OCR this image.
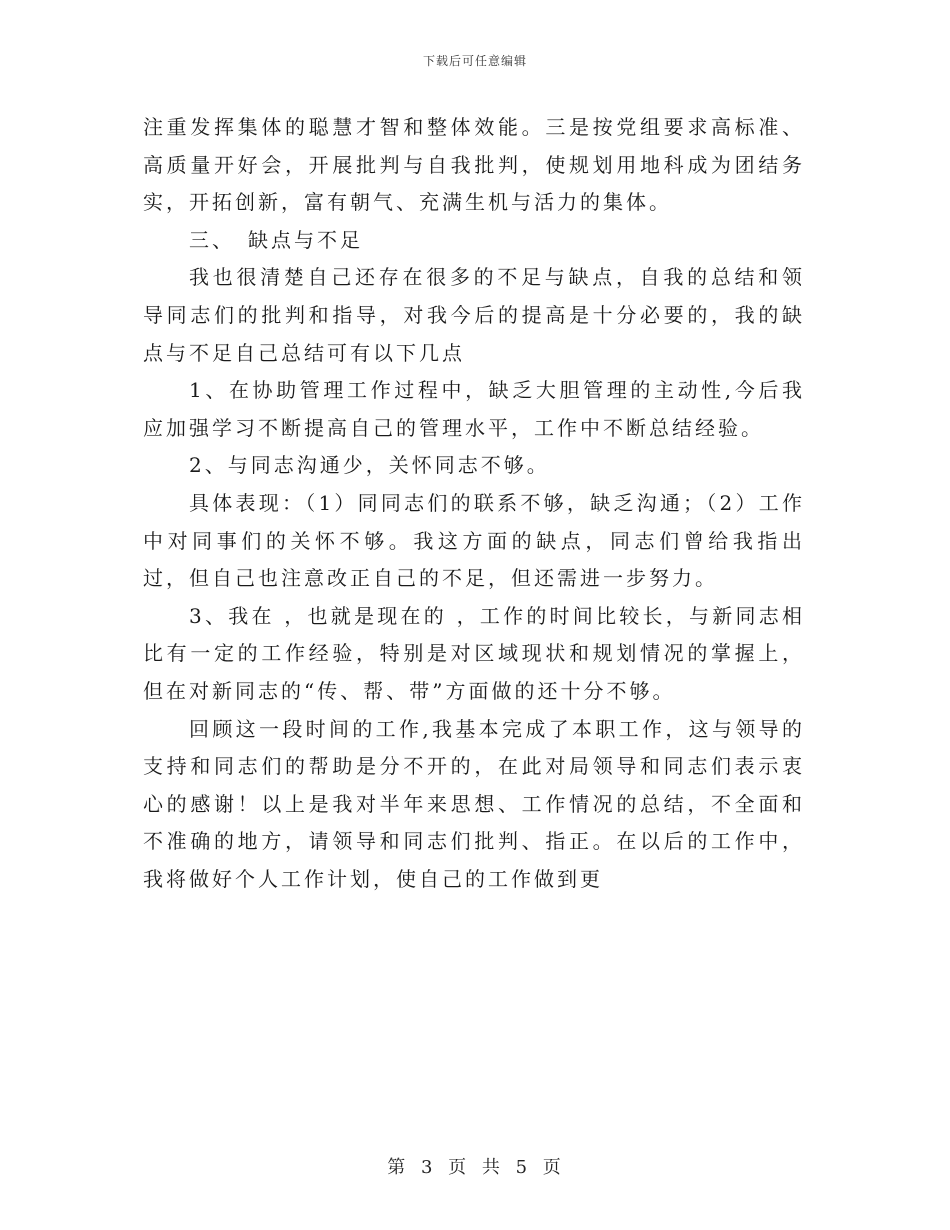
下载后可任意编辑

注重发挥集体的聪慧才智和整体效能。三是按党组要求高标准、高质量开好会，开展批判与自我批判，使规划用地科成为团结务实，开拓创新，富有朝气、充满生机与活力的集体。

三、　缺点与不足

我也很清楚自己还存在很多的不足与缺点，自我的总结和领导同志们的批判和指导，对我今后的提高是十分必要的，我的缺点与不足自己总结可有以下几点

1、在协助管理工作过程中，缺乏大胆管理的主动性,今后我应加强学习不断提高自己的管理水平，工作中不断总结经验。

2、与同志沟通少，关怀同志不够。

具体表现：（1）同同志们的联系不够，缺乏沟通；（2）工作中对同事们的关怀不够。我这方面的缺点，同志们曾给我指出过，但自己也注意改正自己的不足，但还需进一步努力。

3、我在 ，也就是现在的 ，工作的时间比较长，与新同志相比有一定的工作经验，特别是对区域现状和规划情况的掌握上，但在对新同志的“传、帮、带”方面做的还十分不够。

回顾这一段时间的工作,我基本完成了本职工作，这与领导的支持和同志们的帮助是分不开的，在此对局领导和同志们表示衷心的感谢！以上是我对半年来思想、工作情况的总结，不全面和不准确的地方，请领导和同志们批判、指正。在以后的工作中，我将做好个人工作计划，使自己的工作做到更

第 3 页 共 5 页
